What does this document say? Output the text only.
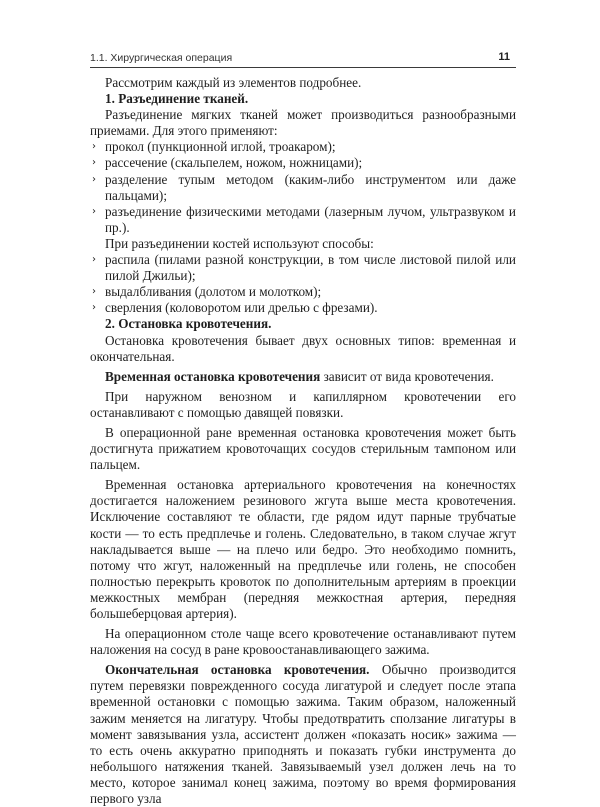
1.1. Хирургическая операция	11

Рассмотрим каждый из элементов подробнее.

1. Разъединение тканей.

Разъединение мягких тканей может производиться разнообразными приемами. Для этого применяют:

› прокол (пункционной иглой, троакаром);
› рассечение (скальпелем, ножом, ножницами);
› разделение тупым методом (каким-либо инструментом или даже пальцами);
› разъединение физическими методами (лазерным лучом, ультразвуком и пр.).

При разъединении костей используют способы:

› распила (пилами разной конструкции, в том числе листовой пилой или пилой Джильи);
› выдалбливания (долотом и молотком);
› сверления (коловоротом или дрелью с фрезами).

2. Остановка кровотечения.

Остановка кровотечения бывает двух основных типов: временная и окончательная.

Временная остановка кровотечения зависит от вида кровотечения.

При наружном венозном и капиллярном кровотечении его останавливают с помощью давящей повязки.

В операционной ране временная остановка кровотечения может быть достигнута прижатием кровоточащих сосудов стерильным тампоном или пальцем.

Временная остановка артериального кровотечения на конечностях достигается наложением резинового жгута выше места кровотечения. Исключение составляют те области, где рядом идут парные трубчатые кости — то есть предплечье и голень. Следовательно, в таком случае жгут накладывается выше — на плечо или бедро. Это необходимо помнить, потому что жгут, наложенный на предплечье или голень, не способен полностью перекрыть кровоток по дополнительным артериям в проекции межкостных мембран (передняя межкостная артерия, передняя большеберцовая артерия).

На операционном столе чаще всего кровотечение останавливают путем наложения на сосуд в ране кровоостанавливающего зажима.

Окончательная остановка кровотечения. Обычно производится путем перевязки поврежденного сосуда лигатурой и следует после этапа временной остановки с помощью зажима. Таким образом, наложенный зажим меняется на лигатуру. Чтобы предотвратить сползание лигатуры в момент завязывания узла, ассистент должен «показать носик» зажима — то есть очень аккуратно приподнять и показать губки инструмента до небольшого натяжения тканей. Завязываемый узел должен лечь на то место, которое занимал конец зажима, поэтому во время формирования первого узла
